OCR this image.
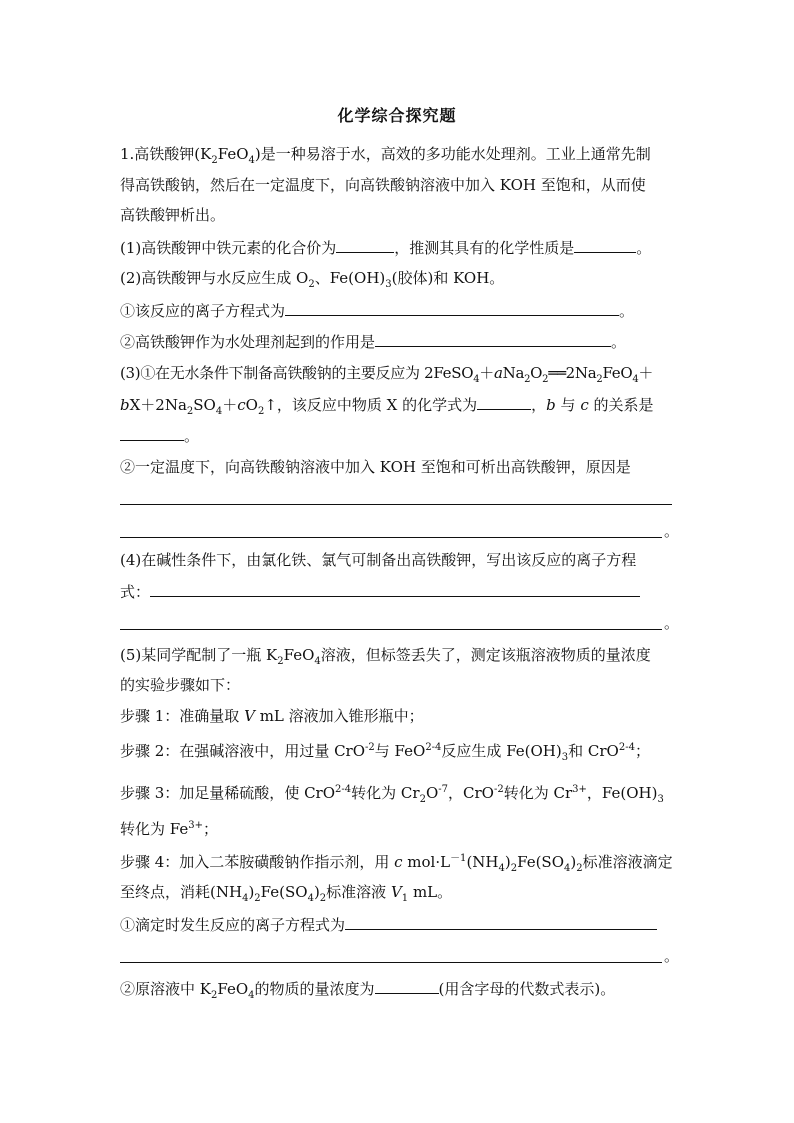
化学综合探究题
1.高铁酸钾$(K_2FeO_4)$是一种易溶于水，高效的多功能水处理剂。工业上通常先制
得高铁酸钠，然后在一定温度下，向高铁酸钠溶液中加入 KOH 至饱和，从而使
高铁酸钾析出。
(1)高铁酸钾中铁元素的化合价为	，推测其具有的化学性质是	。
(2)高铁酸钾与水反应生成 $O_2$、$Fe(OH)_3$(胶体)和 KOH。
①该反应的离子方程式为	。
②高铁酸钾作为水处理剂起到的作用是	。
(3)①在无水条件下制备高铁酸钠的主要反应为 $2FeSO_4+aNa_2O_2══2Na_2FeO_4+$
$bX+2Na_2SO_4+cO_2↑$，该反应中物质 X 的化学式为	，b 与 c 的关系是
。
②一定温度下，向高铁酸钠溶液中加入 KOH 至饱和可析出高铁酸钾，原因是
。
(4)在碱性条件下，由氯化铁、氯气可制备出高铁酸钾，写出该反应的离子方程
式：
。
(5)某同学配制了一瓶 $K_2FeO_4$溶液，但标签丢失了，测定该瓶溶液物质的量浓度
的实验步骤如下：
步骤 1：准确量取 V mL 溶液加入锥形瓶中；
步骤 2：在强碱溶液中，用过量 CrO$^{-2}$与 FeO$^{2-4}$反应生成 $Fe(OH)_3$和 CrO$^{2-4}$；
步骤 3：加足量稀硫酸，使 CrO$^{2-4}$转化为 $Cr_2O^{-7}$，CrO$^{-2}$转化为 $Cr^{3+}$，$Fe(OH)_3$
转化为 $Fe^{3+}$；
步骤 4：加入二苯胺磺酸钠作指示剂，用 c $mol\cdot L^{-1}(NH_4)_2Fe(SO_4)_2$标准溶液滴定
至终点，消耗$(NH_4)_2Fe(SO_4)_2$标准溶液 $V_1$ mL。
①滴定时发生反应的离子方程式为
。
②原溶液中 $K_2FeO_4$的物质的量浓度为	(用含字母的代数式表示)。
